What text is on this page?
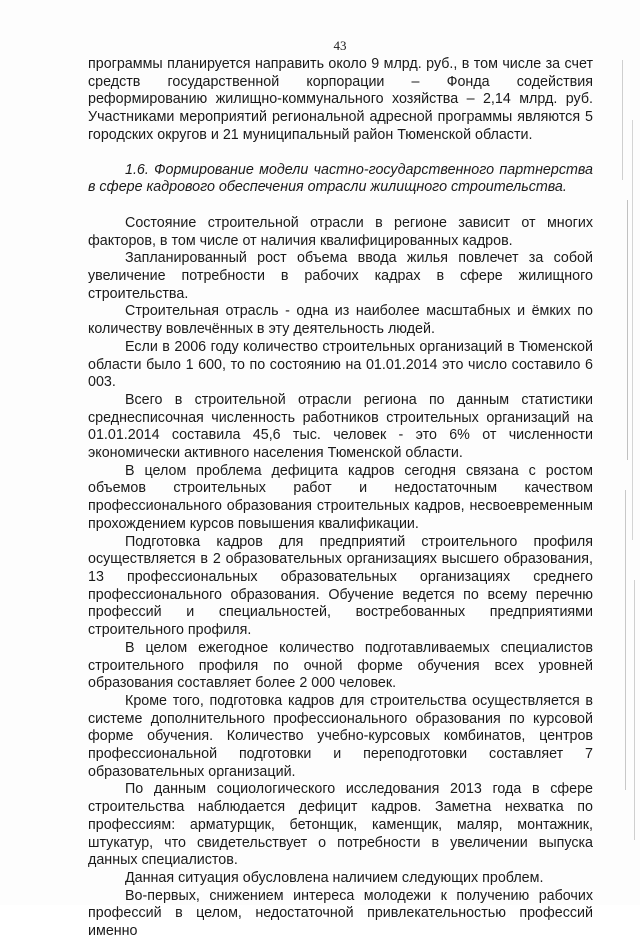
43

программы планируется направить около 9 млрд. руб., в том числе за счет средств государственной корпорации – Фонда содействия реформированию жилищно-коммунального хозяйства – 2,14 млрд. руб. Участниками мероприятий региональной адресной программы являются 5 городских округов и 21 муниципальный район Тюменской области.

1.6. Формирование модели частно-государственного партнерства в сфере кадрового обеспечения отрасли жилищного строительства.

Состояние строительной отрасли в регионе зависит от многих факторов, в том числе от наличия квалифицированных кадров.

Запланированный рост объема ввода жилья повлечет за собой увеличение потребности в рабочих кадрах в сфере жилищного строительства.

Строительная отрасль - одна из наиболее масштабных и ёмких по количеству вовлечённых в эту деятельность людей.

Если в 2006 году количество строительных организаций в Тюменской области было 1 600, то по состоянию на 01.01.2014 это число составило 6 003.

Всего в строительной отрасли региона по данным статистики среднесписочная численность работников строительных организаций на 01.01.2014 составила 45,6 тыс. человек - это 6% от численности экономически активного населения Тюменской области.

В целом проблема дефицита кадров сегодня связана с ростом объемов строительных работ и недостаточным качеством профессионального образования строительных кадров, несвоевременным прохождением курсов повышения квалификации.

Подготовка кадров для предприятий строительного профиля осуществляется в 2 образовательных организациях высшего образования, 13 профессиональных образовательных организациях среднего профессионального образования. Обучение ведется по всему перечню профессий и специальностей, востребованных предприятиями строительного профиля.

В целом ежегодное количество подготавливаемых специалистов строительного профиля по очной форме обучения всех уровней образования составляет более 2 000 человек.

Кроме того, подготовка кадров для строительства осуществляется в системе дополнительного профессионального образования по курсовой форме обучения. Количество учебно-курсовых комбинатов, центров профессиональной подготовки и переподготовки составляет 7 образовательных организаций.

По данным социологического исследования 2013 года в сфере строительства наблюдается дефицит кадров. Заметна нехватка по профессиям: арматурщик, бетонщик, каменщик, маляр, монтажник, штукатур, что свидетельствует о потребности в увеличении выпуска данных специалистов.

Данная ситуация обусловлена наличием следующих проблем.

Во-первых, снижением интереса молодежи к получению рабочих профессий в целом, недостаточной привлекательностью профессий именно
